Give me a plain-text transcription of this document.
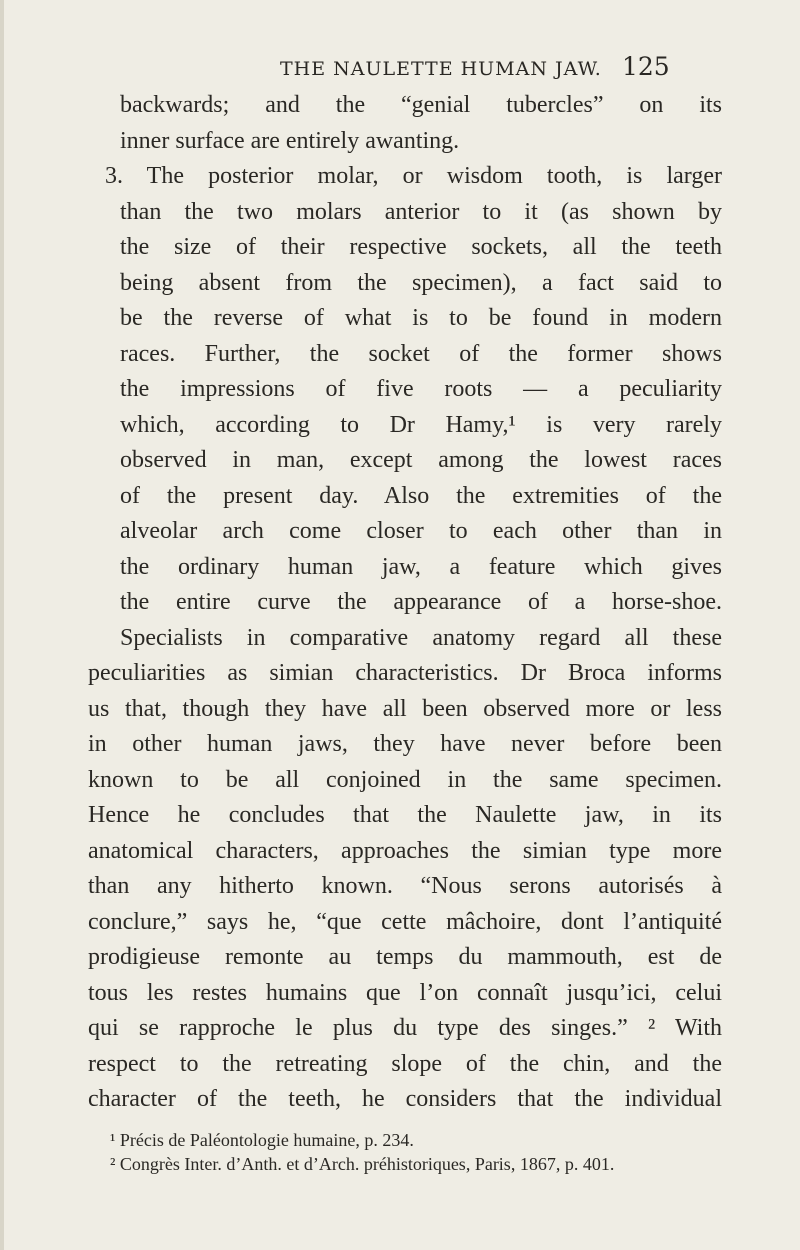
THE NAULETTE HUMAN JAW. 125
backwards; and the “genial tubercles” on its
inner surface are entirely awanting.
3. The posterior molar, or wisdom tooth, is larger
than the two molars anterior to it (as shown by
the size of their respective sockets, all the teeth
being absent from the specimen), a fact said to
be the reverse of what is to be found in modern
races. Further, the socket of the former shows
the impressions of five roots — a peculiarity
which, according to Dr Hamy,¹ is very rarely
observed in man, except among the lowest races
of the present day. Also the extremities of the
alveolar arch come closer to each other than in
the ordinary human jaw, a feature which gives
the entire curve the appearance of a horse-shoe.
Specialists in comparative anatomy regard all these
peculiarities as simian characteristics. Dr Broca informs
us that, though they have all been observed more or less
in other human jaws, they have never before been
known to be all conjoined in the same specimen.
Hence he concludes that the Naulette jaw, in its
anatomical characters, approaches the simian type more
than any hitherto known. “Nous serons autorisés à
conclure,” says he, “que cette mâchoire, dont l’antiquité
prodigieuse remonte au temps du mammouth, est de
tous les restes humains que l’on connaît jusqu’ici, celui
qui se rapproche le plus du type des singes.” ² With
respect to the retreating slope of the chin, and the
character of the teeth, he considers that the individual
¹ Précis de Paléontologie humaine, p. 234.
² Congrès Inter. d’Anth. et d’Arch. préhistoriques, Paris, 1867, p. 401.
